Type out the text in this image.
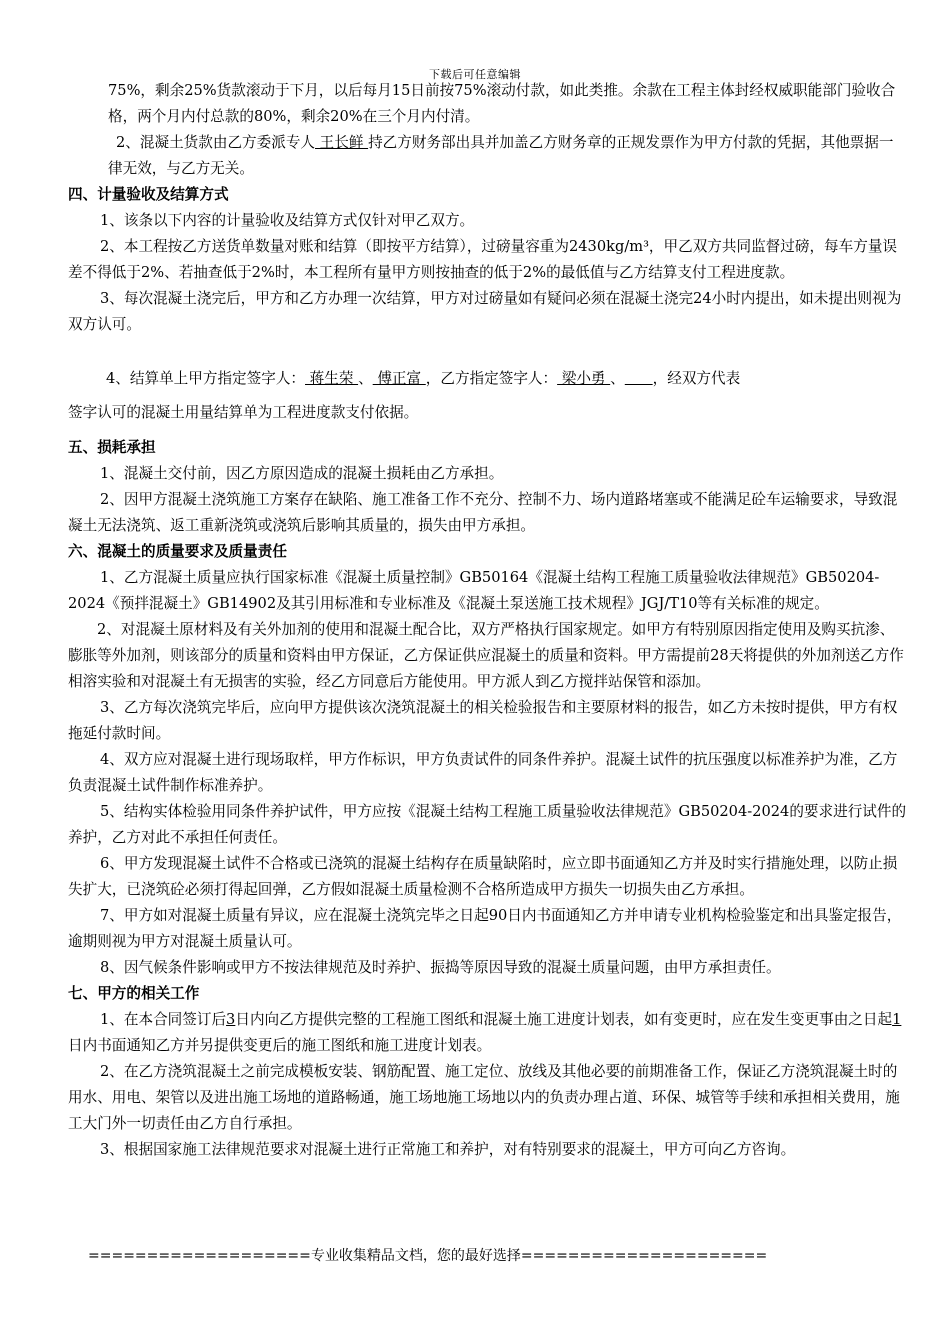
下载后可任意编辑

75%，剩余25%货款滚动于下月，以后每月15日前按75%滚动付款，如此类推。余款在工程主体封经权威职能部门验收合格，两个月内付总款的80%，剩余20%在三个月内付清。

2、混凝土货款由乙方委派专人 王长鲜 持乙方财务部出具并加盖乙方财务章的正规发票作为甲方付款的凭据，其他票据一律无效，与乙方无关。

四、计量验收及结算方式

1、该条以下内容的计量验收及结算方式仅针对甲乙双方。

2、本工程按乙方送货单数量对账和结算（即按平方结算），过磅量容重为2430kg/m³，甲乙双方共同监督过磅，每车方量误差不得低于2%、若抽查低于2%时，本工程所有量甲方则按抽查的低于2%的最低值与乙方结算支付工程进度款。

3、每次混凝土浇完后，甲方和乙方办理一次结算，甲方对过磅量如有疑问必须在混凝土浇完24小时内提出，如未提出则视为双方认可。

4、结算单上甲方指定签字人： 蒋生荣 、 傅正富 ，乙方指定签字人： 梁小勇 、 ，经双方代表

签字认可的混凝土用量结算单为工程进度款支付依据。

五、损耗承担

1、混凝土交付前，因乙方原因造成的混凝土损耗由乙方承担。

2、因甲方混凝土浇筑施工方案存在缺陷、施工准备工作不充分、控制不力、场内道路堵塞或不能满足砼车运输要求，导致混凝土无法浇筑、返工重新浇筑或浇筑后影响其质量的，损失由甲方承担。

六、混凝土的质量要求及质量责任

1、乙方混凝土质量应执行国家标准《混凝土质量控制》GB50164《混凝土结构工程施工质量验收法律规范》GB50204-2024《预拌混凝土》GB14902及其引用标准和专业标准及《混凝土泵送施工技术规程》JGJ/T10等有关标准的规定。

2、对混凝土原材料及有关外加剂的使用和混凝土配合比，双方严格执行国家规定。如甲方有特别原因指定使用及购买抗渗、膨胀等外加剂，则该部分的质量和资料由甲方保证，乙方保证供应混凝土的质量和资料。甲方需提前28天将提供的外加剂送乙方作相溶实验和对混凝土有无损害的实验，经乙方同意后方能使用。甲方派人到乙方搅拌站保管和添加。

3、乙方每次浇筑完毕后，应向甲方提供该次浇筑混凝土的相关检验报告和主要原材料的报告，如乙方未按时提供，甲方有权拖延付款时间。

4、双方应对混凝土进行现场取样，甲方作标识，甲方负责试件的同条件养护。混凝土试件的抗压强度以标准养护为准，乙方负责混凝土试件制作标准养护。

5、结构实体检验用同条件养护试件，甲方应按《混凝土结构工程施工质量验收法律规范》GB50204-2024的要求进行试件的养护，乙方对此不承担任何责任。

6、甲方发现混凝土试件不合格或已浇筑的混凝土结构存在质量缺陷时，应立即书面通知乙方并及时实行措施处理，以防止损失扩大，已浇筑砼必须打得起回弹，乙方假如混凝土质量检测不合格所造成甲方损失一切损失由乙方承担。

7、甲方如对混凝土质量有异议，应在混凝土浇筑完毕之日起90日内书面通知乙方并申请专业机构检验鉴定和出具鉴定报告，逾期则视为甲方对混凝土质量认可。

8、因气候条件影响或甲方不按法律规范及时养护、振捣等原因导致的混凝土质量问题，由甲方承担责任。

七、甲方的相关工作

1、在本合同签订后3日内向乙方提供完整的工程施工图纸和混凝土施工进度计划表，如有变更时，应在发生变更事由之日起1日内书面通知乙方并另提供变更后的施工图纸和施工进度计划表。

2、在乙方浇筑混凝土之前完成模板安装、钢筋配置、施工定位、放线及其他必要的前期准备工作，保证乙方浇筑混凝土时的用水、用电、架管以及进出施工场地的道路畅通，施工场地施工场地以内的负责办理占道、环保、城管等手续和承担相关费用，施工大门外一切责任由乙方自行承担。

3、根据国家施工法律规范要求对混凝土进行正常施工和养护，对有特别要求的混凝土，甲方可向乙方咨询。

===================专业收集精品文档，您的最好选择=====================
